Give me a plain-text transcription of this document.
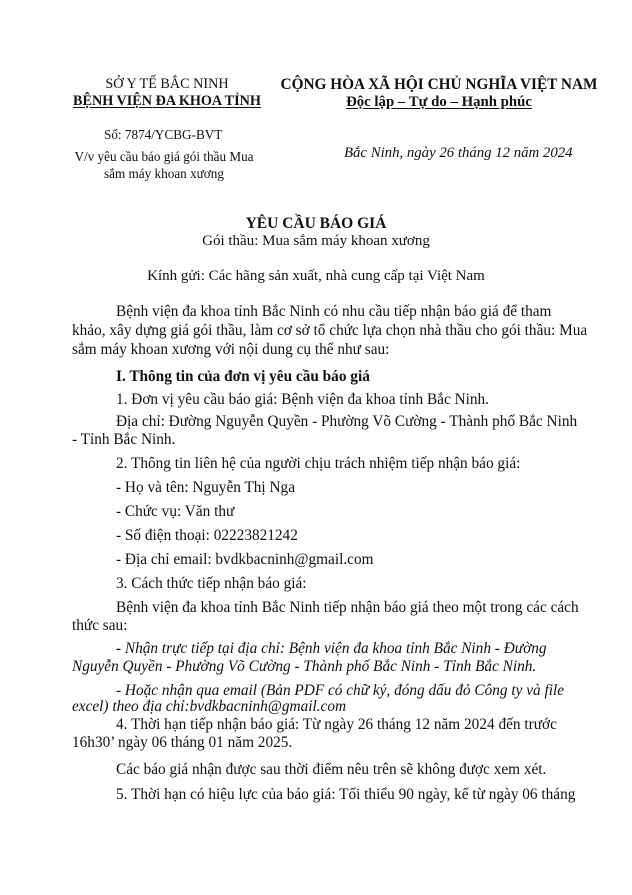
SỞ Y TẾ BẮC NINH
BỆNH VIỆN ĐA KHOA TỈNH
Số: 7874/YCBG-BVT
V/v yêu cầu báo giá gói thầu Mua
sắm máy khoan xương
CỘNG HÒA XÃ HỘI CHỦ NGHĨA VIỆT NAM
Độc lập – Tự do – Hạnh phúc
Bắc Ninh, ngày 26 tháng 12 năm 2024
YÊU CẦU BÁO GIÁ
Gói thầu: Mua sắm máy khoan xương
Kính gửi: Các hãng sản xuất, nhà cung cấp tại Việt Nam
Bệnh viện đa khoa tỉnh Bắc Ninh có nhu cầu tiếp nhận báo giá để tham
khảo, xây dựng giá gói thầu, làm cơ sở tổ chức lựa chọn nhà thầu cho gói thầu: Mua
sắm máy khoan xương với nội dung cụ thể như sau:
I. Thông tin của đơn vị yêu cầu báo giá
1. Đơn vị yêu cầu báo giá: Bệnh viện đa khoa tỉnh Bắc Ninh.
Địa chỉ: Đường Nguyễn Quyền - Phường Võ Cường - Thành phố Bắc Ninh
- Tỉnh Bắc Ninh.
2. Thông tin liên hệ của người chịu trách nhiệm tiếp nhận báo giá:
- Họ và tên: Nguyễn Thị Nga
- Chức vụ: Văn thư
- Số điện thoại: 02223821242
- Địa chỉ email: bvdkbacninh@gmail.com
3. Cách thức tiếp nhận báo giá:
Bệnh viện đa khoa tỉnh Bắc Ninh tiếp nhận báo giá theo một trong các cách
thức sau:
- Nhận trực tiếp tại địa chỉ: Bệnh viện đa khoa tỉnh Bắc Ninh - Đường
Nguyễn Quyền - Phường Võ Cường - Thành phố Bắc Ninh - Tỉnh Bắc Ninh.
- Hoặc nhận qua email (Bản PDF có chữ ký, đóng dấu đỏ Công ty và file
excel) theo địa chỉ:bvdkbacninh@gmail.com
4. Thời hạn tiếp nhận báo giá: Từ ngày 26 tháng 12 năm 2024 đến trước
16h30’ ngày 06 tháng 01 năm 2025.
Các báo giá nhận được sau thời điểm nêu trên sẽ không được xem xét.
5. Thời hạn có hiệu lực của báo giá: Tối thiểu 90 ngày, kể từ ngày 06 tháng
